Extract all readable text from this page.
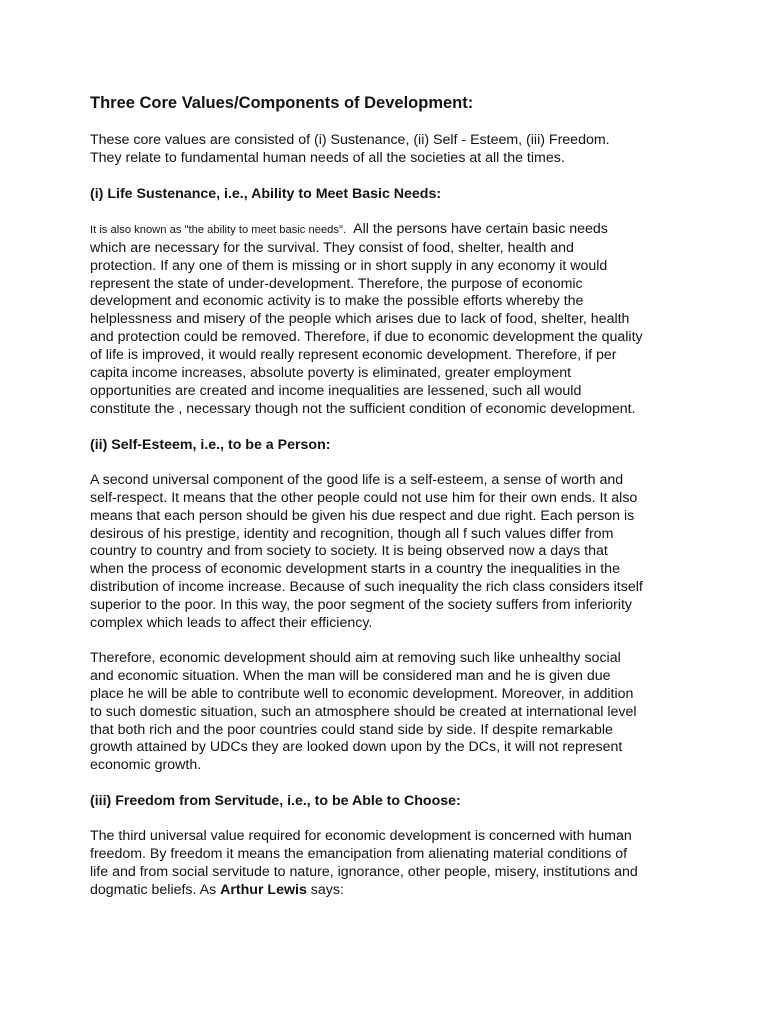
Three Core Values/Components of Development:

These core values are consisted of (i) Sustenance, (ii) Self - Esteem, (iii) Freedom.
They relate to fundamental human needs of all the societies at all the times.

(i) Life Sustenance, i.e., Ability to Meet Basic Needs:

It is also known as "the ability to meet basic needs".  All the persons have certain basic needs
which are necessary for the survival. They consist of food, shelter, health and
protection. If any one of them is missing or in short supply in any economy it would
represent the state of under-development. Therefore, the purpose of economic
development and economic activity is to make the possible efforts whereby the
helplessness and misery of the people which arises due to lack of food, shelter, health
and protection could be removed. Therefore, if due to economic development the quality
of life is improved, it would really represent economic development. Therefore, if per
capita income increases, absolute poverty is eliminated, greater employment
opportunities are created and income inequalities are lessened, such all would
constitute the , necessary though not the sufficient condition of economic development.

(ii) Self-Esteem, i.e., to be a Person:

A second universal component of the good life is a self-esteem, a sense of worth and
self-respect. It means that the other people could not use him for their own ends. It also
means that each person should be given his due respect and due right. Each person is
desirous of his prestige, identity and recognition, though all f such values differ from
country to country and from society to society. It is being observed now a days that
when the process of economic development starts in a country the inequalities in the
distribution of income increase. Because of such inequality the rich class considers itself
superior to the poor. In this way, the poor segment of the society suffers from inferiority
complex which leads to affect their efficiency.

Therefore, economic development should aim at removing such like unhealthy social
and economic situation. When the man will be considered man and he is given due
place he will be able to contribute well to economic development. Moreover, in addition
to such domestic situation, such an atmosphere should be created at international level
that both rich and the poor countries could stand side by side. If despite remarkable
growth attained by UDCs they are looked down upon by the DCs, it will not represent
economic growth.

(iii) Freedom from Servitude, i.e., to be Able to Choose:

The third universal value required for economic development is concerned with human
freedom. By freedom it means the emancipation from alienating material conditions of
life and from social servitude to nature, ignorance, other people, misery, institutions and
dogmatic beliefs. As Arthur Lewis says:
